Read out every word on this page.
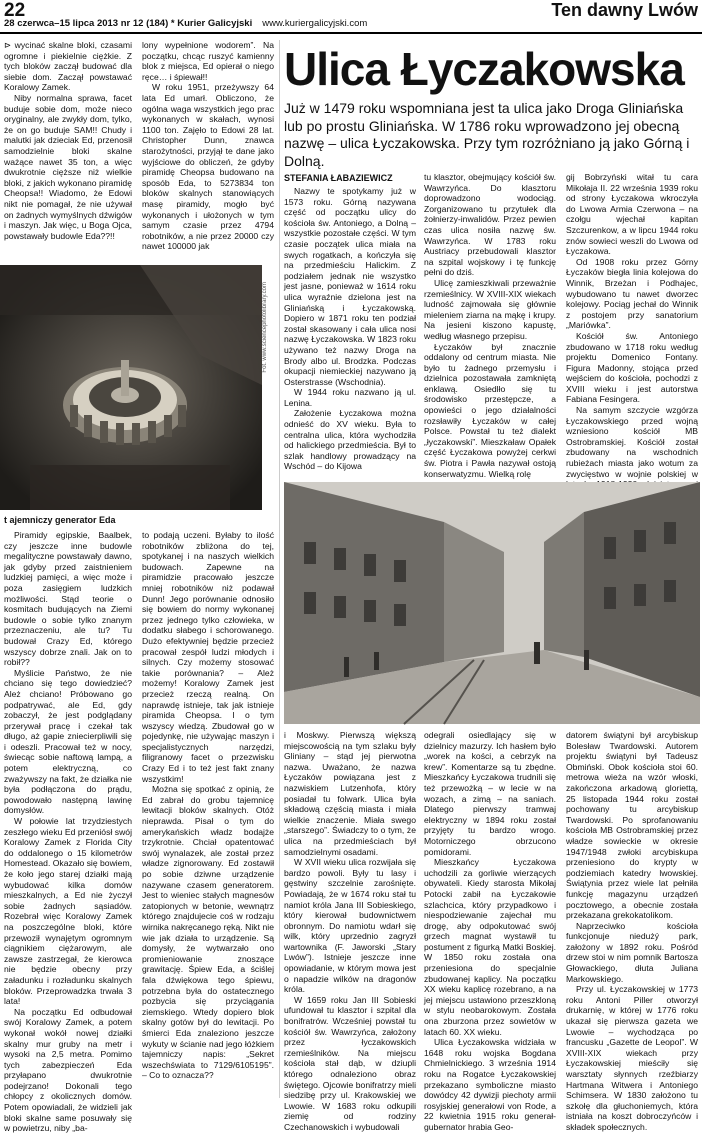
22
28 czerwca–15 lipca 2013 nr 12 (184) * Kurier Galicyjski www.kuriergalicyjski.com
Ten dawny Lwów

⊳ wycinać skalne bloki, czasami ogromne i piekielnie ciężkie. Z tych bloków zaczął budować dla siebie dom. Zaczął powstawać Koralowy Zamek.

Niby normalna sprawa, facet buduje sobie dom, może nieco oryginalny, ale zwykły dom, tylko, że on go buduje SAM!! Chudy i malutki jak dzieciak Ed, przenosił samodzielnie bloki skalne ważące nawet 35 ton, a więc dwukrotnie cięższe niż wielkie bloki, z jakich wykonano piramidę Cheopsa!! Wiadomo, że Edowi nikt nie pomagał, że nie używał on żadnych wymyślnych dźwigów i maszyn. Jak więc, u Boga Ojca, powstawały budowle Eda??!!

lony wypełnione wodorem”. Na początku, chcąc ruszyć kamienny blok z miejsca, Ed opierał o niego ręce… i śpiewał!!

W roku 1951, przeżywszy 64 lata Ed umarł. Obliczono, że ogólna waga wszystkich jego prac wykonanych w skałach, wynosi 1100 ton. Zajęło to Edowi 28 lat. Christopher Dunn, znawca starożytności, przyjął te dane jako wyjściowe do obliczeń, że gdyby piramidę Cheopsa budowano na sposób Eda, to 5273834 ton bloków skalnych stanowiących masę piramidy, mogło być wykonanych i ułożonych w tym samym czasie przez 4794 robotników, a nie przez 20000 czy nawet 100000 jak

Fot. www.sciencephotolibrary.com
t ajemniczy generator Eda

Piramidy egipskie, Baalbek, czy jeszcze inne budowle megalityczne powstawały dawno, jak gdyby przed zaistnieniem ludzkiej pamięci, a więc może i poza zasięgiem ludzkich możliwości. Stąd teorie o kosmitach budujących na Ziemi budowle o sobie tylko znanym przeznaczeniu, ale tu? Tu budował Crazy Ed, którego wszyscy dobrze znali. Jak on to robił??

Myślicie Państwo, że nie chciano się tego dowiedzieć? Ależ chciano! Próbowano go podpatrywać, ale Ed, gdy zobaczył, że jest podglądany przerywał pracę i czekał tak długo, aż gapie zniecierpliwili się i odeszli. Pracował też w nocy, świecąc sobie naftową lampą, a potem elektryczną, co zważywszy na fakt, że działka nie była podłączona do prądu, powodowało następną lawinę domysłów.

W połowie lat trzydziestych zeszłego wieku Ed przeniósł swój Koralowy Zamek z Florida City do oddalonego o 15 kilometrów Homestead. Okazało się bowiem, że koło jego starej działki mają wybudować kilka domów mieszkalnych, a Ed nie życzył sobie żadnych sąsiadów. Rozebrał więc Koralowy Zamek na poszczególne bloki, które przewoził wynajętym ogromnym ciągnikiem ciężarowym, ale zawsze zastrzegał, że kierowca nie będzie obecny przy załadunku i rozładunku skalnych bloków. Przeprowadzka trwała 3 lata!

Na początku Ed odbudował swój Koralowy Zamek, a potem wykonał wokół nowej działki skalny mur gruby na metr i wysoki na 2,5 metra. Pomimo tych zabezpieczeń Eda przyłapano dwukrotnie podejrzano! Dokonali tego chłopcy z okolicznych domów. Potem opowiadali, że widzieli jak bloki skalne same posuwały się w powietrzu, niby „ba-

to podają uczeni. Byłaby to ilość robotników zbliżona do tej, spotykanej i na naszych wielkich budowach. Zapewne na piramidzie pracowało jeszcze mniej robotników niż podawał Dunn! Jego porównanie odnosiło się bowiem do normy wykonanej przez jednego tylko człowieka, w dodatku słabego i schorowanego. Dużo efektywniej będzie przecież pracował zespół ludzi młodych i silnych. Czy możemy stosować takie porównania? – Ależ możemy! Koralowy Zamek jest przecież rzeczą realną. On naprawdę istnieje, tak jak istnieje piramida Cheopsa. I o tym wszyscy wiedzą. Zbudował go w pojedynkę, nie używając maszyn i specjalistycznych narzędzi, filigranowy facet o przezwisku Crazy Ed i to też jest fakt znany wszystkim!

Można się spotkać z opinią, że Ed zabrał do grobu tajemnicę lewitacji bloków skalnych. Otóż nieprawda. Pisał o tym do amerykańskich władz bodajże trzykrotnie. Chciał opatentować swój wynalazek, ale został przez władze zignorowany. Ed zostawił po sobie dziwne urządzenie nazywane czasem generatorem. Jest to wieniec stałych magnesów zatopionych w betonie, wewnątrz którego znajdujecie coś w rodzaju wirnika nakręcanego ręką. Nikt nie wie jak działa to urządzenie. Są domysły, że wytwarzało ono promieniowanie znoszące grawitację. Śpiew Eda, a ściślej fala dźwiękowa tego śpiewu, potrzebna była do ostatecznego pozbycia się przyciągania ziemskiego. Wtedy dopiero blok skalny gotów był do lewitacji. Po śmierci Eda znaleziono jeszcze wykuty w ścianie nad jego łóżkiem tajemniczy napis: „Sekret wszechświata to 7129/6105195”. – Co to oznacza??

Ulica Łyczakowska
Już w 1479 roku wspomniana jest ta ulica jako Droga Gliniańska lub po prostu Gliniańska. W 1786 roku wprowadzono jej obecną nazwę – ulica Łyczakowska. Przy tym rozróżniano ją jako Górną i Dolną.
STEFANIA ŁABAZIEWICZ

Nazwy te spotykamy już w 1573 roku. Górną nazywana część od początku ulicy do kościoła św. Antoniego, a Dolną – wszystkie pozostałe części. W tym czasie początek ulica miała na swych rogatkach, a kończyła się na przedmieściu Halickim. Z podziałem jednak nie wszystko jest jasne, ponieważ w 1614 roku ulica wyraźnie dzielona jest na Gliniańską i Łyczakowską. Dopiero w 1871 roku ten podział został skasowany i cała ulica nosi nazwę Łyczakowska. W 1823 roku używano też nazwy Droga na Brody albo ul. Brodzka. Podczas okupacji niemieckiej nazywano ją Osterstrasse (Wschodnia).

W 1944 roku nazwano ją ul. Lenina.

Założenie Łyczakowa można odnieść do XV wieku. Była to centralna ulica, która wychodziła od halickiego przedmieścia. Był to szlak handlowy prowadzący na Wschód – do Kijowa

tu klasztor, obejmujący kościół św. Wawrzyńca. Do klasztoru doprowadzono wodociąg. Zorganizowano tu przytułek dla żołnierzy-inwalidów. Przez pewien czas ulica nosiła nazwę św. Wawrzyńca. W 1783 roku Austriacy przebudowali klasztor na szpital wojskowy i tę funkcję pełni do dziś.

Ulicę zamieszkiwali przeważnie rzemieślnicy. W XVIII-XIX wiekach ludność zajmowała się głównie mieleniem ziarna na mąkę i krupy. Na jesieni kiszono kapustę, według własnego przepisu.

Łyczaków był znacznie oddalony od centrum miasta. Nie było tu żadnego przemysłu i dzielnica pozostawała zamkniętą enklawą. Osiedlło się tu środowisko przestępcze, a opowieści o jego działalności rozsławiły Łyczaków w całej Polsce. Powstał tu też dialekt „łyczakowski”. Mieszkaław Opałek część Łyczakowa powyżej cerkwi św. Piotra i Pawła nazywał ostoją konserwatyzmu. Wielką rolę

gij Bobrzyński witał tu cara Mikołaja II. 22 września 1939 roku od strony Łyczakowa wkroczyła do Lwowa Armia Czerwona – na czołgu wjechał kapitan Szczurenkow, a w lipcu 1944 roku znów sowieci weszli do Lwowa od Łyczakowa.

Od 1908 roku przez Górny Łyczaków biegła linia kolejowa do Winnik, Brzeżan i Podhajec, wybudowano tu nawet dworzec kolejowy. Pociąg jechał do Winnik z postojem przy sanatorium „Mariówka”.

Kościół św. Antoniego zbudowano w 1718 roku według projektu Domenico Fontany. Figura Madonny, stojąca przed wejściem do kościoła, pochodzi z XVIII wieku i jest autorstwa Fabiana Fesingera.

Na samym szczycie wzgórza Łyczakowskiego przed wojną wzniesiono kościół MB Ostrobramskiej. Kościół został zbudowany na wschodnich rubieżach miasta jako wotum za zwycięstwo w wojnie polskiej w

i Moskwy. Pierwszą większą miejscowością na tym szlaku były Gliniany – stąd jej pierwotna nazwa. Uważano, że nazwa Łyczaków powiązana jest z nazwiskiem Lutzenhofa, który posiadał tu folwark. Ulica była składową częścią miasta i miała wielkie znaczenie. Miała swego „starszego”. Świadczy to o tym, że ulica na przedmieściach był samodzielnymi osadami.

W XVII wieku ulica rozwijała się bardzo powoli. Były tu lasy i gęstwiny szczelnie zarośnięte. Powiadają, że w 1674 roku stał tu namiot króla Jana III Sobieskiego, który kierował budownictwem obronnym. Do namiotu wdarł się wilk, który uprzednio zagryzł wartownika (F. Jaworski „Stary Lwów”). Istnieje jeszcze inne opowiadanie, w którym mowa jest o napadzie wilków na dragonów króla.

W 1659 roku Jan III Sobieski ufundował tu klasztor i szpital dla bonifratrów. Wcześniej powstał tu kościół św. Wawrzyńca, założony przez łyczakowskich rzemieślników. Na miejscu kościoła stał dąb, w dziupli którego odnaleziono obraz świętego. Ojcowie bonifratrzy mieli siedzibę przy ul. Krakowskiej we Lwowie. W 1683 roku odkupili ziemię od rodziny Czechanowskich i wybudowali

odegrali osiedlający się w dzielnicy mazurzy. Ich hasłem było „worek na kości, a cebrzyk na krew”. Komentarze są tu zbędne. Mieszkańcy Łyczakowa trudnili się też przewożką – w lecie w na wozach, a zimą – na saniach. Dlatego pierwszy tramwaj elektryczny w 1894 roku został przyjęty tu bardzo wrogo. Motorniczego obrzucono pomidorami.

Mieszkańcy Łyczakowa uchodzili za gorliwie wierzących obywateli. Kiedy starosta Mikołaj Potocki zabił na Łyczakowie szlachcica, który przypadkowo i niespodziewanie zajechał mu drogę, aby odpokutować swój grzech magnat wystawił tu postument z figurką Matki Boskiej. W 1850 roku została ona przeniesiona do specjalnie zbudowanej kaplicy. Na początku XX wieku kaplicę rozebrano, a na jej miejscu ustawiono przeszkloną w stylu neobarokowym. Została ona zburzona przez sowietów w latach 60. XX wieku.

Ulica Łyczakowska widziała w 1648 roku wojska Bogdana Chmielnickiego. 3 września 1914 roku na Rogatce Łyczakowskiej przekazano symboliczne miasto dowódcy 42 dywizji piechoty armii rosyjskiej generałowi von Rode, a 22 kwietnia 1915 roku generał-gubernator hrabia Geo-

datorem świątyni był arcybiskup Bolesław Twardowski. Autorem projektu świątyni był Tadeusz Obmiński. Obok kościoła stoi 60. metrowa wieża na wzór włoski, zakończona arkadową gloriettą, 25 listopada 1944 roku został pochowany tu arcybiskup Twardowski. Po sprofanowaniu kościoła MB Ostrobramskiej przez władze sowieckie w okresie 1947/1948 zwłoki arcybiskupa przeniesiono do krypty w podziemiach katedry lwowskiej. Świątynia przez wiele lat pełniła funkcję magazynu urządzeń pocztowego, a obecnie została przekazana grekokatolikom.

Naprzeciwko kościoła funkcjonuje niedużý park, założony w 1892 roku. Pośród drzew stoi w nim pomnik Bartosza Głowackiego, dłuta Juliana Markowskiego.

Przy ul. Łyczakowskiej w 1773 roku Antoni Piller otworzył drukarnię, w której w 1776 roku ukazał się pierwsza gazeta we Lwowie – wychodząca po francusku „Gazette de Leopol”. W XVIII-XIX wiekach przy Łyczakowskiej mieściły się warsztaty słynnych rzeźbiarzy Hartmana Witwera i Antoniego Schimsera. W 1830 założono tu szkołę dla głuchoniemych, która istniała na koszt dobroczyńców i składek społecznych.
